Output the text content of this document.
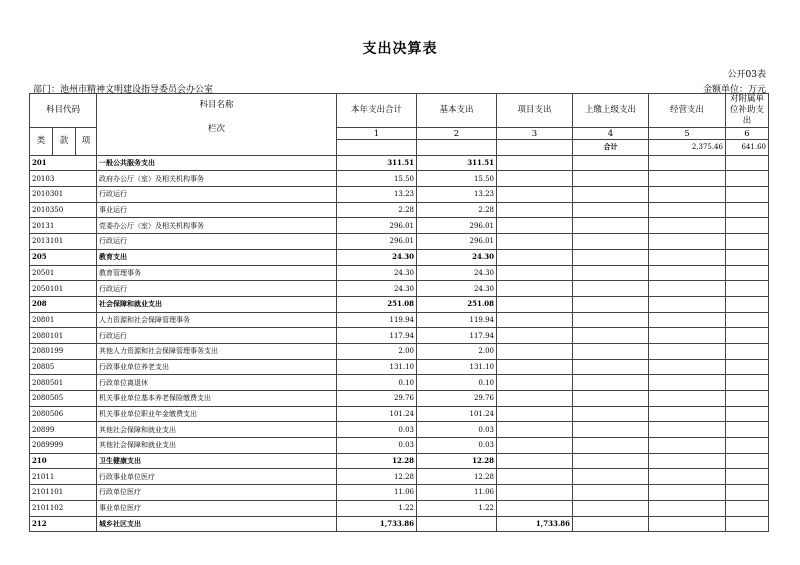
支出决算表
公开03表
部门：池州市精神文明建设指导委员会办公室	金额单位：万元
科目代码			科目名称
栏次	本年支出合计	基本支出	项目支出	上缴上级支出	经营支出	对附属单位补助支出	
类	款	项		1	2	3	4	5	6	
							合计	2,375.46	641.60				
201			一般公共服务支出	311.51	311.51					
20103			政府办公厅（室）及相关机构事务	15.50	15.50					
2010301			行政运行	13.23	13.23					
2010350			事业运行	2.28	2.28					
20131			党委办公厅（室）及相关机构事务	296.01	296.01					
2013101			行政运行	296.01	296.01					
205			教育支出	24.30	24.30					
20501			教育管理事务	24.30	24.30					
2050101			行政运行	24.30	24.30					
208			社会保障和就业支出	251.08	251.08					
20801			人力资源和社会保障管理事务	119.94	119.94					
2080101			行政运行	117.94	117.94					
2080199			其他人力资源和社会保障管理事务支出	2.00	2.00					
20805			行政事业单位养老支出	131.10	131.10					
2080501			行政单位离退休	0.10	0.10					
2080505			机关事业单位基本养老保险缴费支出	29.76	29.76					
2080506			机关事业单位职业年金缴费支出	101.24	101.24					
20899			其他社会保障和就业支出	0.03	0.03					
2089999			其他社会保障和就业支出	0.03	0.03					
210			卫生健康支出	12.28	12.28					
21011			行政事业单位医疗	12.28	12.28					
2101101			行政单位医疗	11.06	11.06					
2101102			事业单位医疗	1.22	1.22					
212			城乡社区支出	1,733.86		1,733.86				
